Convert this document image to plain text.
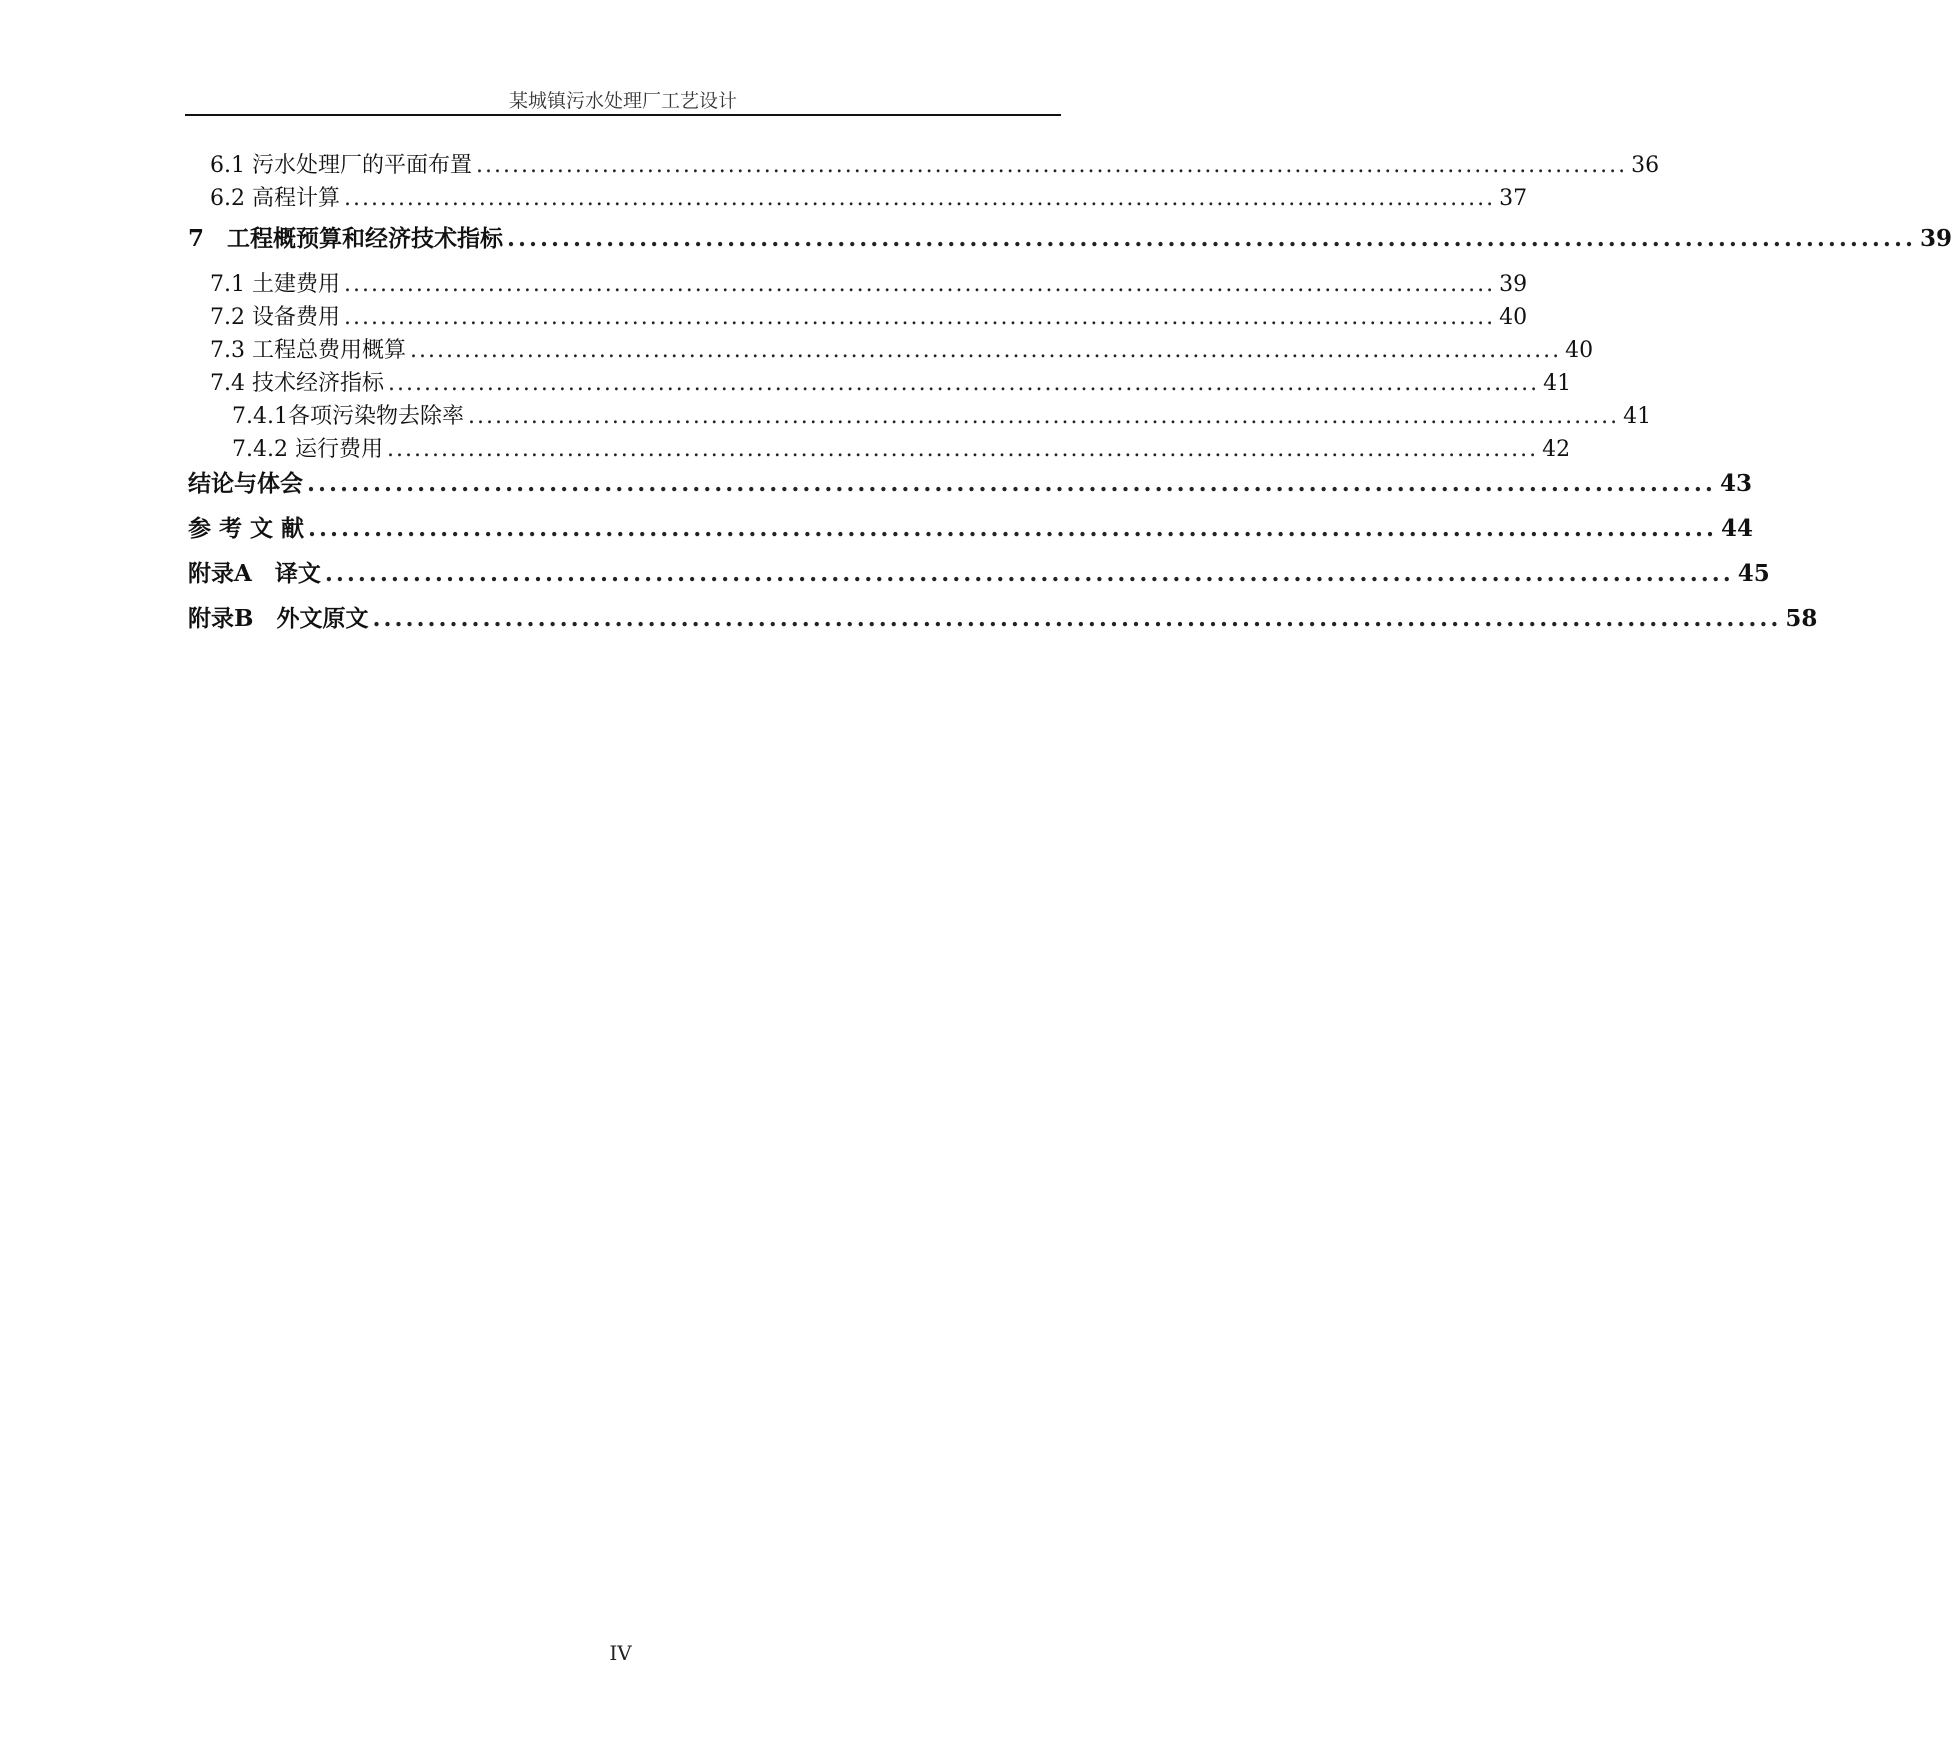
某城镇污水处理厂工艺设计
6.1 污水处理厂的平面布置 ................................................................................................................................ 36
6.2 高程计算 ................................................................................................................................ 37
7　工程概预算和经济技术指标 ................................................................................................................................ 39
7.1 土建费用 ................................................................................................................................ 39
7.2 设备费用 ................................................................................................................................ 40
7.3 工程总费用概算 ................................................................................................................................ 40
7.4 技术经济指标 ................................................................................................................................ 41
7.4.1各项污染物去除率 ................................................................................................................................ 41
7.4.2 运行费用 ................................................................................................................................ 42
结论与体会 ................................................................................................................................ 43
参 考 文 献 ................................................................................................................................ 44
附录A　译文 ................................................................................................................................ 45
附录B　外文原文 ................................................................................................................................ 58
IV
